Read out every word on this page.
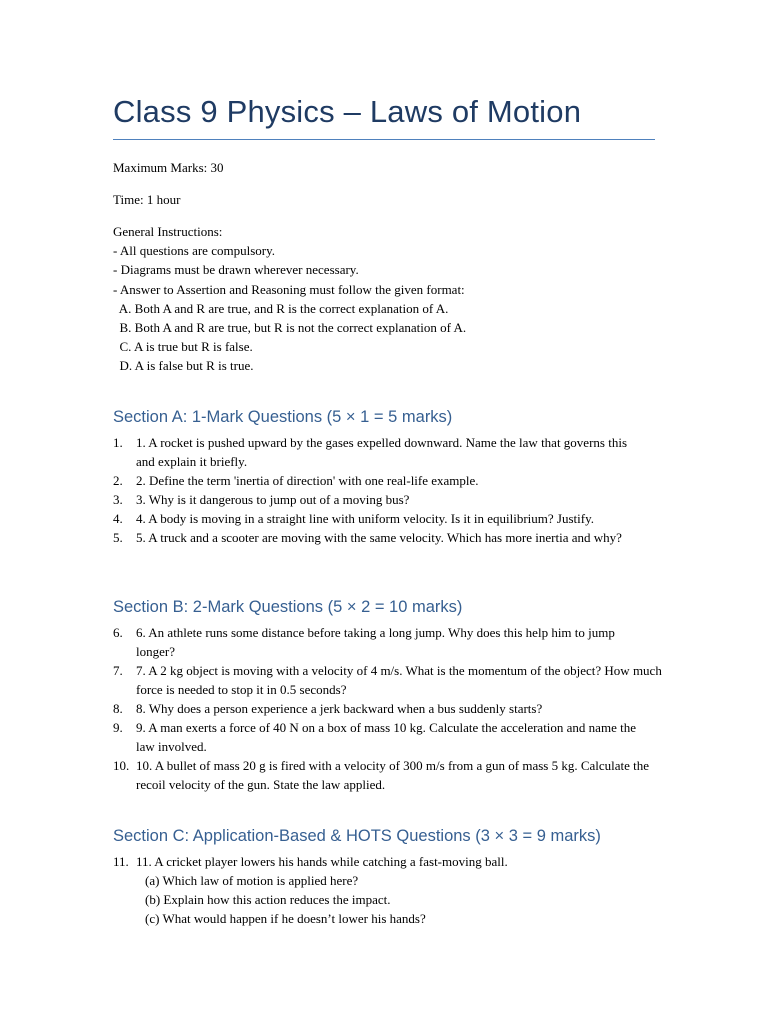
Class 9 Physics – Laws of Motion
Maximum Marks: 30
Time: 1 hour
General Instructions:
- All questions are compulsory.
- Diagrams must be drawn wherever necessary.
- Answer to Assertion and Reasoning must follow the given format:
A. Both A and R are true, and R is the correct explanation of A.
B. Both A and R are true, but R is not the correct explanation of A.
C. A is true but R is false.
D. A is false but R is true.
Section A: 1-Mark Questions (5 × 1 = 5 marks)
1.	1. A rocket is pushed upward by the gases expelled downward. Name the law that governs this and explain it briefly.
2.	2. Define the term 'inertia of direction' with one real-life example.
3.	3. Why is it dangerous to jump out of a moving bus?
4.	4. A body is moving in a straight line with uniform velocity. Is it in equilibrium? Justify.
5.	5. A truck and a scooter are moving with the same velocity. Which has more inertia and why?
Section B: 2-Mark Questions (5 × 2 = 10 marks)
6.	6. An athlete runs some distance before taking a long jump. Why does this help him to jump longer?
7.	7. A 2 kg object is moving with a velocity of 4 m/s. What is the momentum of the object? How much force is needed to stop it in 0.5 seconds?
8.	8. Why does a person experience a jerk backward when a bus suddenly starts?
9.	9. A man exerts a force of 40 N on a box of mass 10 kg. Calculate the acceleration and name the law involved.
10. 10. A bullet of mass 20 g is fired with a velocity of 300 m/s from a gun of mass 5 kg. Calculate the recoil velocity of the gun. State the law applied.
Section C: Application-Based & HOTS Questions (3 × 3 = 9 marks)
11. 11. A cricket player lowers his hands while catching a fast-moving ball.
(a) Which law of motion is applied here?
(b) Explain how this action reduces the impact.
(c) What would happen if he doesn’t lower his hands?
